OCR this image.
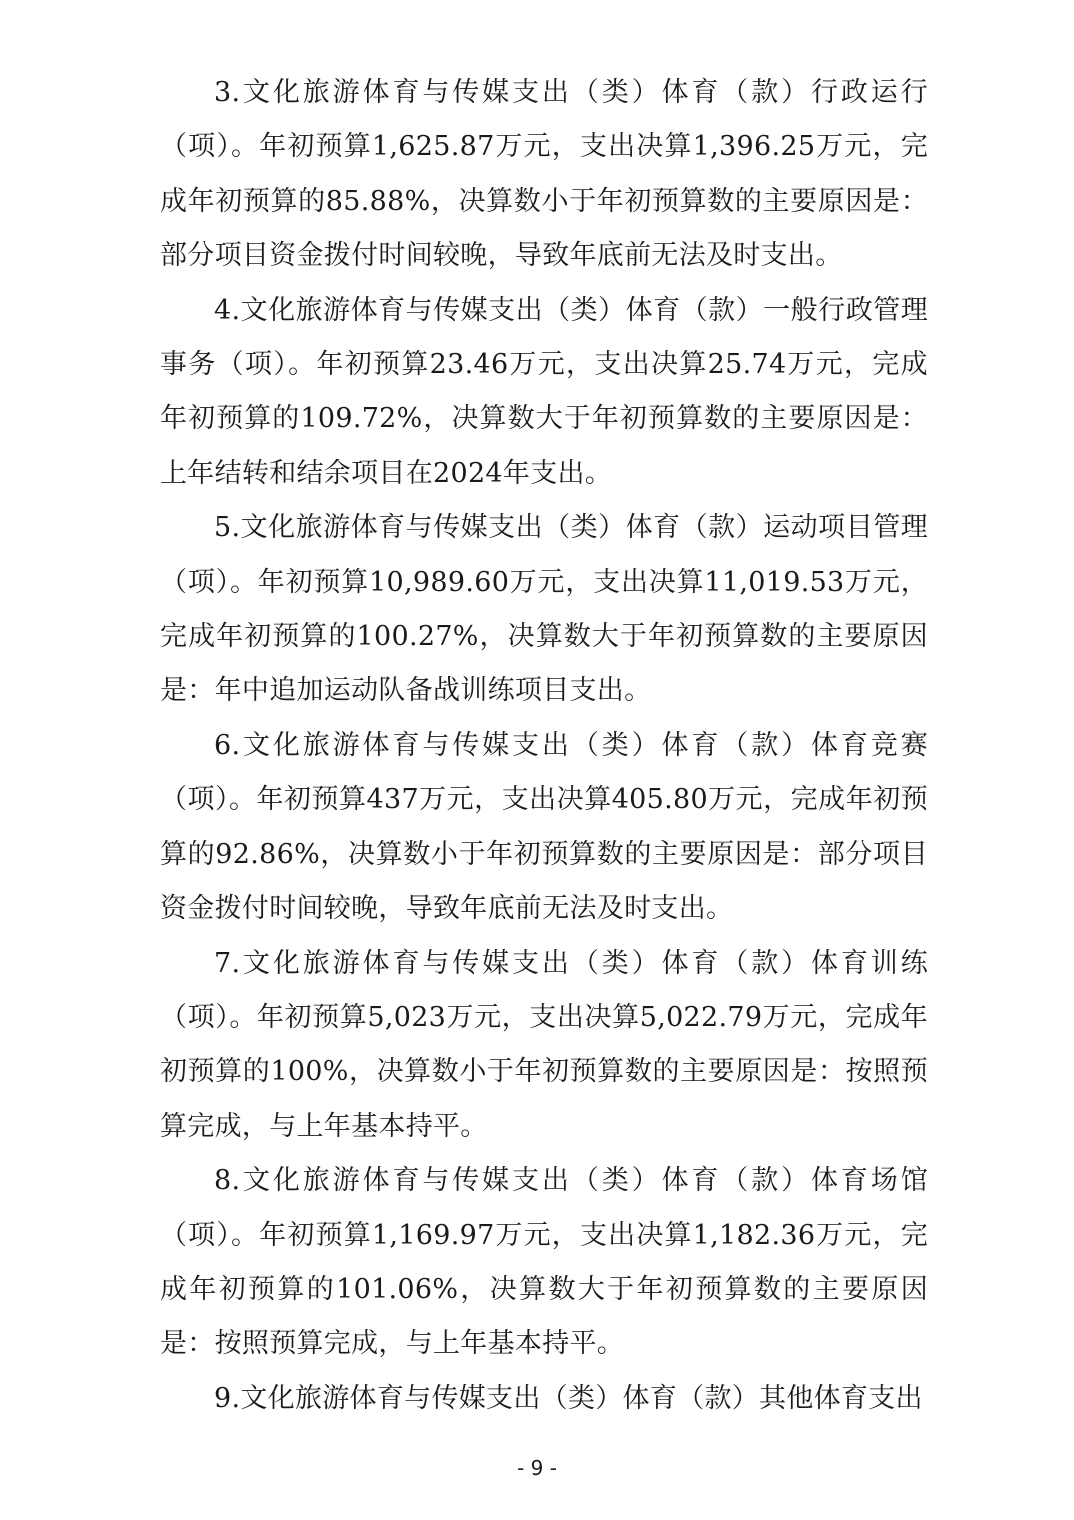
3.文化旅游体育与传媒支出（类）体育（款）行政运行（项）。年初预算1,625.87万元，支出决算1,396.25万元，完成年初预算的85.88%，决算数小于年初预算数的主要原因是：部分项目资金拨付时间较晚，导致年底前无法及时支出。

4.文化旅游体育与传媒支出（类）体育（款）一般行政管理事务（项）。年初预算23.46万元，支出决算25.74万元，完成年初预算的109.72%，决算数大于年初预算数的主要原因是：上年结转和结余项目在2024年支出。

5.文化旅游体育与传媒支出（类）体育（款）运动项目管理（项）。年初预算10,989.60万元，支出决算11,019.53万元，完成年初预算的100.27%，决算数大于年初预算数的主要原因是：年中追加运动队备战训练项目支出。

6.文化旅游体育与传媒支出（类）体育（款）体育竞赛（项）。年初预算437万元，支出决算405.80万元，完成年初预算的92.86%，决算数小于年初预算数的主要原因是：部分项目资金拨付时间较晚，导致年底前无法及时支出。

7.文化旅游体育与传媒支出（类）体育（款）体育训练（项）。年初预算5,023万元，支出决算5,022.79万元，完成年初预算的100%，决算数小于年初预算数的主要原因是：按照预算完成，与上年基本持平。

8.文化旅游体育与传媒支出（类）体育（款）体育场馆（项）。年初预算1,169.97万元，支出决算1,182.36万元，完成年初预算的101.06%，决算数大于年初预算数的主要原因是：按照预算完成，与上年基本持平。

9.文化旅游体育与传媒支出（类）体育（款）其他体育支出

- 9 -
